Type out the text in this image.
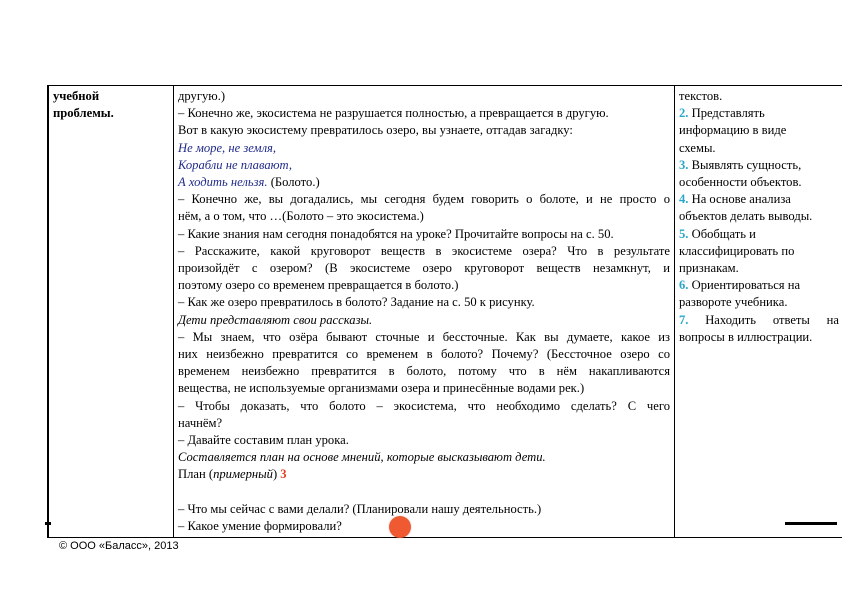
учебной
проблемы.

другую.)
– Конечно же, экосистема не разрушается полностью, а превращается в другую.
Вот в какую экосистему превратилось озеро, вы узнаете, отгадав загадку:
Не море, не земля,
Корабли не плавают,
А ходить нельзя. (Болото.)
– Конечно же, вы догадались, мы сегодня будем говорить о болоте, и не просто о
нём, а о том, что …(Болото – это экосистема.)
– Какие знания нам сегодня понадобятся на уроке? Прочитайте вопросы на с. 50.
– Расскажите, какой круговорот веществ в экосистеме озера? Что в результате
произойдёт с озером? (В экосистеме озеро круговорот веществ незамкнут, и
поэтому озеро со временем превращается в болото.)
– Как же озеро превратилось в болото? Задание на с. 50 к рисунку.
Дети представляют свои рассказы.
– Мы знаем, что озёра бывают сточные и бессточные. Как вы думаете, какое из
них неизбежно превратится со временем в болото? Почему? (Бессточное озеро со
временем неизбежно превратится в болото, потому что в нём накапливаются
вещества, не используемые организмами озера и принесённые водами рек.)
– Чтобы доказать, что болото – экосистема, что необходимо сделать? С чего
начнём?
– Давайте составим план урока.
Составляется план на основе мнений, которые высказывают дети.
План (примерный) 3
– Что мы сейчас с вами делали? (Планировали нашу деятельность.)
– Какое умение формировали?

текстов.
2. Представлять
информацию в виде
схемы.
3. Выявлять сущность,
особенности объектов.
4. На основе анализа
объектов делать выводы.
5. Обобщать и
классифицировать по
признакам.
6. Ориентироваться на
развороте учебника.
7. Находить ответы на
вопросы в иллюстрации.
© ООО «Баласс», 2013
